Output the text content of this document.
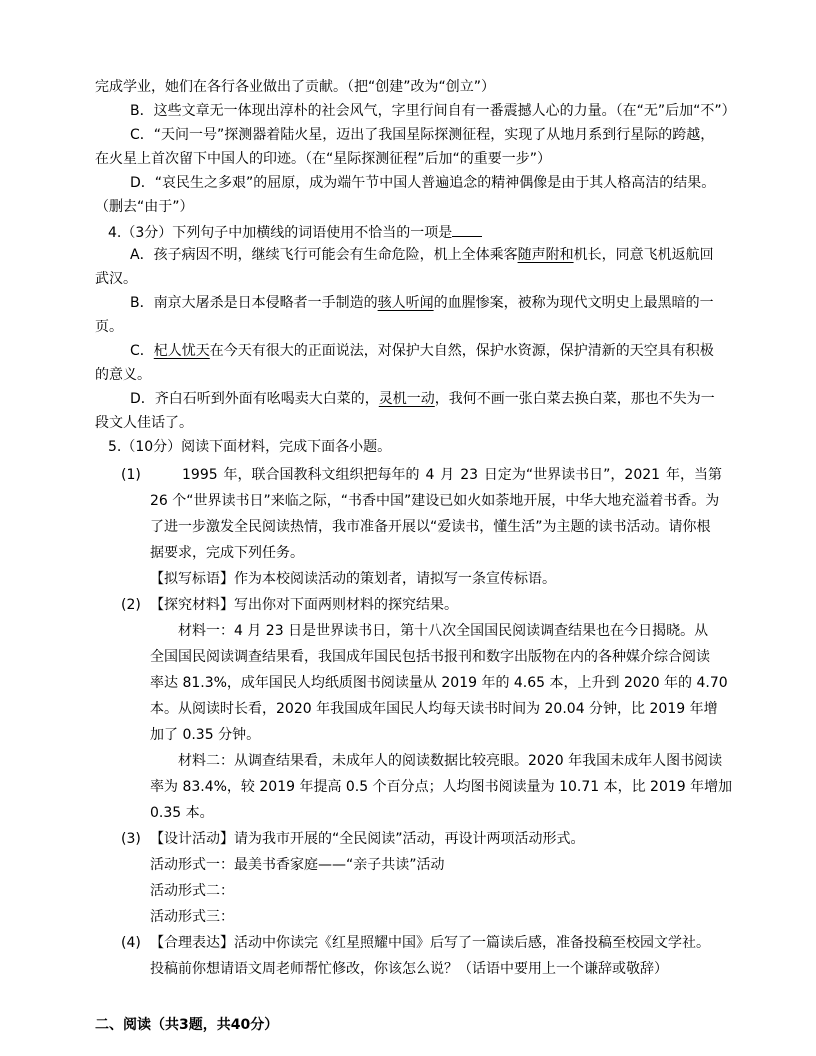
完成学业，她们在各行各业做出了贡献。（把“创建”改为“创立”）
B．这些文章无一体现出淳朴的社会风气，字里行间自有一番震撼人心的力量。（在“无”后加“不”）
C．“天问一号”探测器着陆火星，迈出了我国星际探测征程，实现了从地月系到行星际的跨越，
在火星上首次留下中国人的印迹。（在“星际探测征程”后加“的重要一步”）
D．“哀民生之多艰”的屈原，成为端午节中国人普遍追念的精神偶像是由于其人格高洁的结果。
（删去“由于”）
4.（3分）下列句子中加横线的词语使用不恰当的一项是
A．孩子病因不明，继续飞行可能会有生命危险，机上全体乘客随声附和机长，同意飞机返航回
武汉。
B．南京大屠杀是日本侵略者一手制造的骇人听闻的血腥惨案，被称为现代文明史上最黑暗的一
页。
C．杞人忧天在今天有很大的正面说法，对保护大自然，保护水资源，保护清新的天空具有积极
的意义。
D．齐白石听到外面有吆喝卖大白菜的，灵机一动，我何不画一张白菜去换白菜，那也不失为一
段文人佳话了。
5.（10分）阅读下面材料，完成下面各小题。
(1)	1995 年，联合国教科文组织把每年的 4 月 23 日定为“世界读书日”，2021 年，当第
26 个“世界读书日”来临之际，“书香中国”建设已如火如荼地开展，中华大地充溢着书香。为
了进一步激发全民阅读热情，我市准备开展以“爱读书，懂生活”为主题的读书活动。请你根
据要求，完成下列任务。
【拟写标语】作为本校阅读活动的策划者，请拟写一条宣传标语。
(2) 【探究材料】写出你对下面两则材料的探究结果。
材料一：4 月 23 日是世界读书日，第十八次全国国民阅读调查结果也在今日揭晓。从
全国国民阅读调查结果看，我国成年国民包括书报刊和数字出版物在内的各种媒介综合阅读
率达 81.3%，成年国民人均纸质图书阅读量从 2019 年的 4.65 本，上升到 2020 年的 4.70
本。从阅读时长看，2020 年我国成年国民人均每天读书时间为 20.04 分钟，比 2019 年增
加了 0.35 分钟。
材料二：从调查结果看，未成年人的阅读数据比较亮眼。2020 年我国未成年人图书阅读
率为 83.4%，较 2019 年提高 0.5 个百分点；人均图书阅读量为 10.71 本，比 2019 年增加
0.35 本。
(3) 【设计活动】请为我市开展的“全民阅读”活动，再设计两项活动形式。
活动形式一：最美书香家庭——“亲子共读”活动
活动形式二：
活动形式三：
(4) 【合理表达】活动中你读完《红星照耀中国》后写了一篇读后感，准备投稿至校园文学社。
投稿前你想请语文周老师帮忙修改，你该怎么说？（话语中要用上一个谦辞或敬辞）
二、阅读（共3题，共40分）
